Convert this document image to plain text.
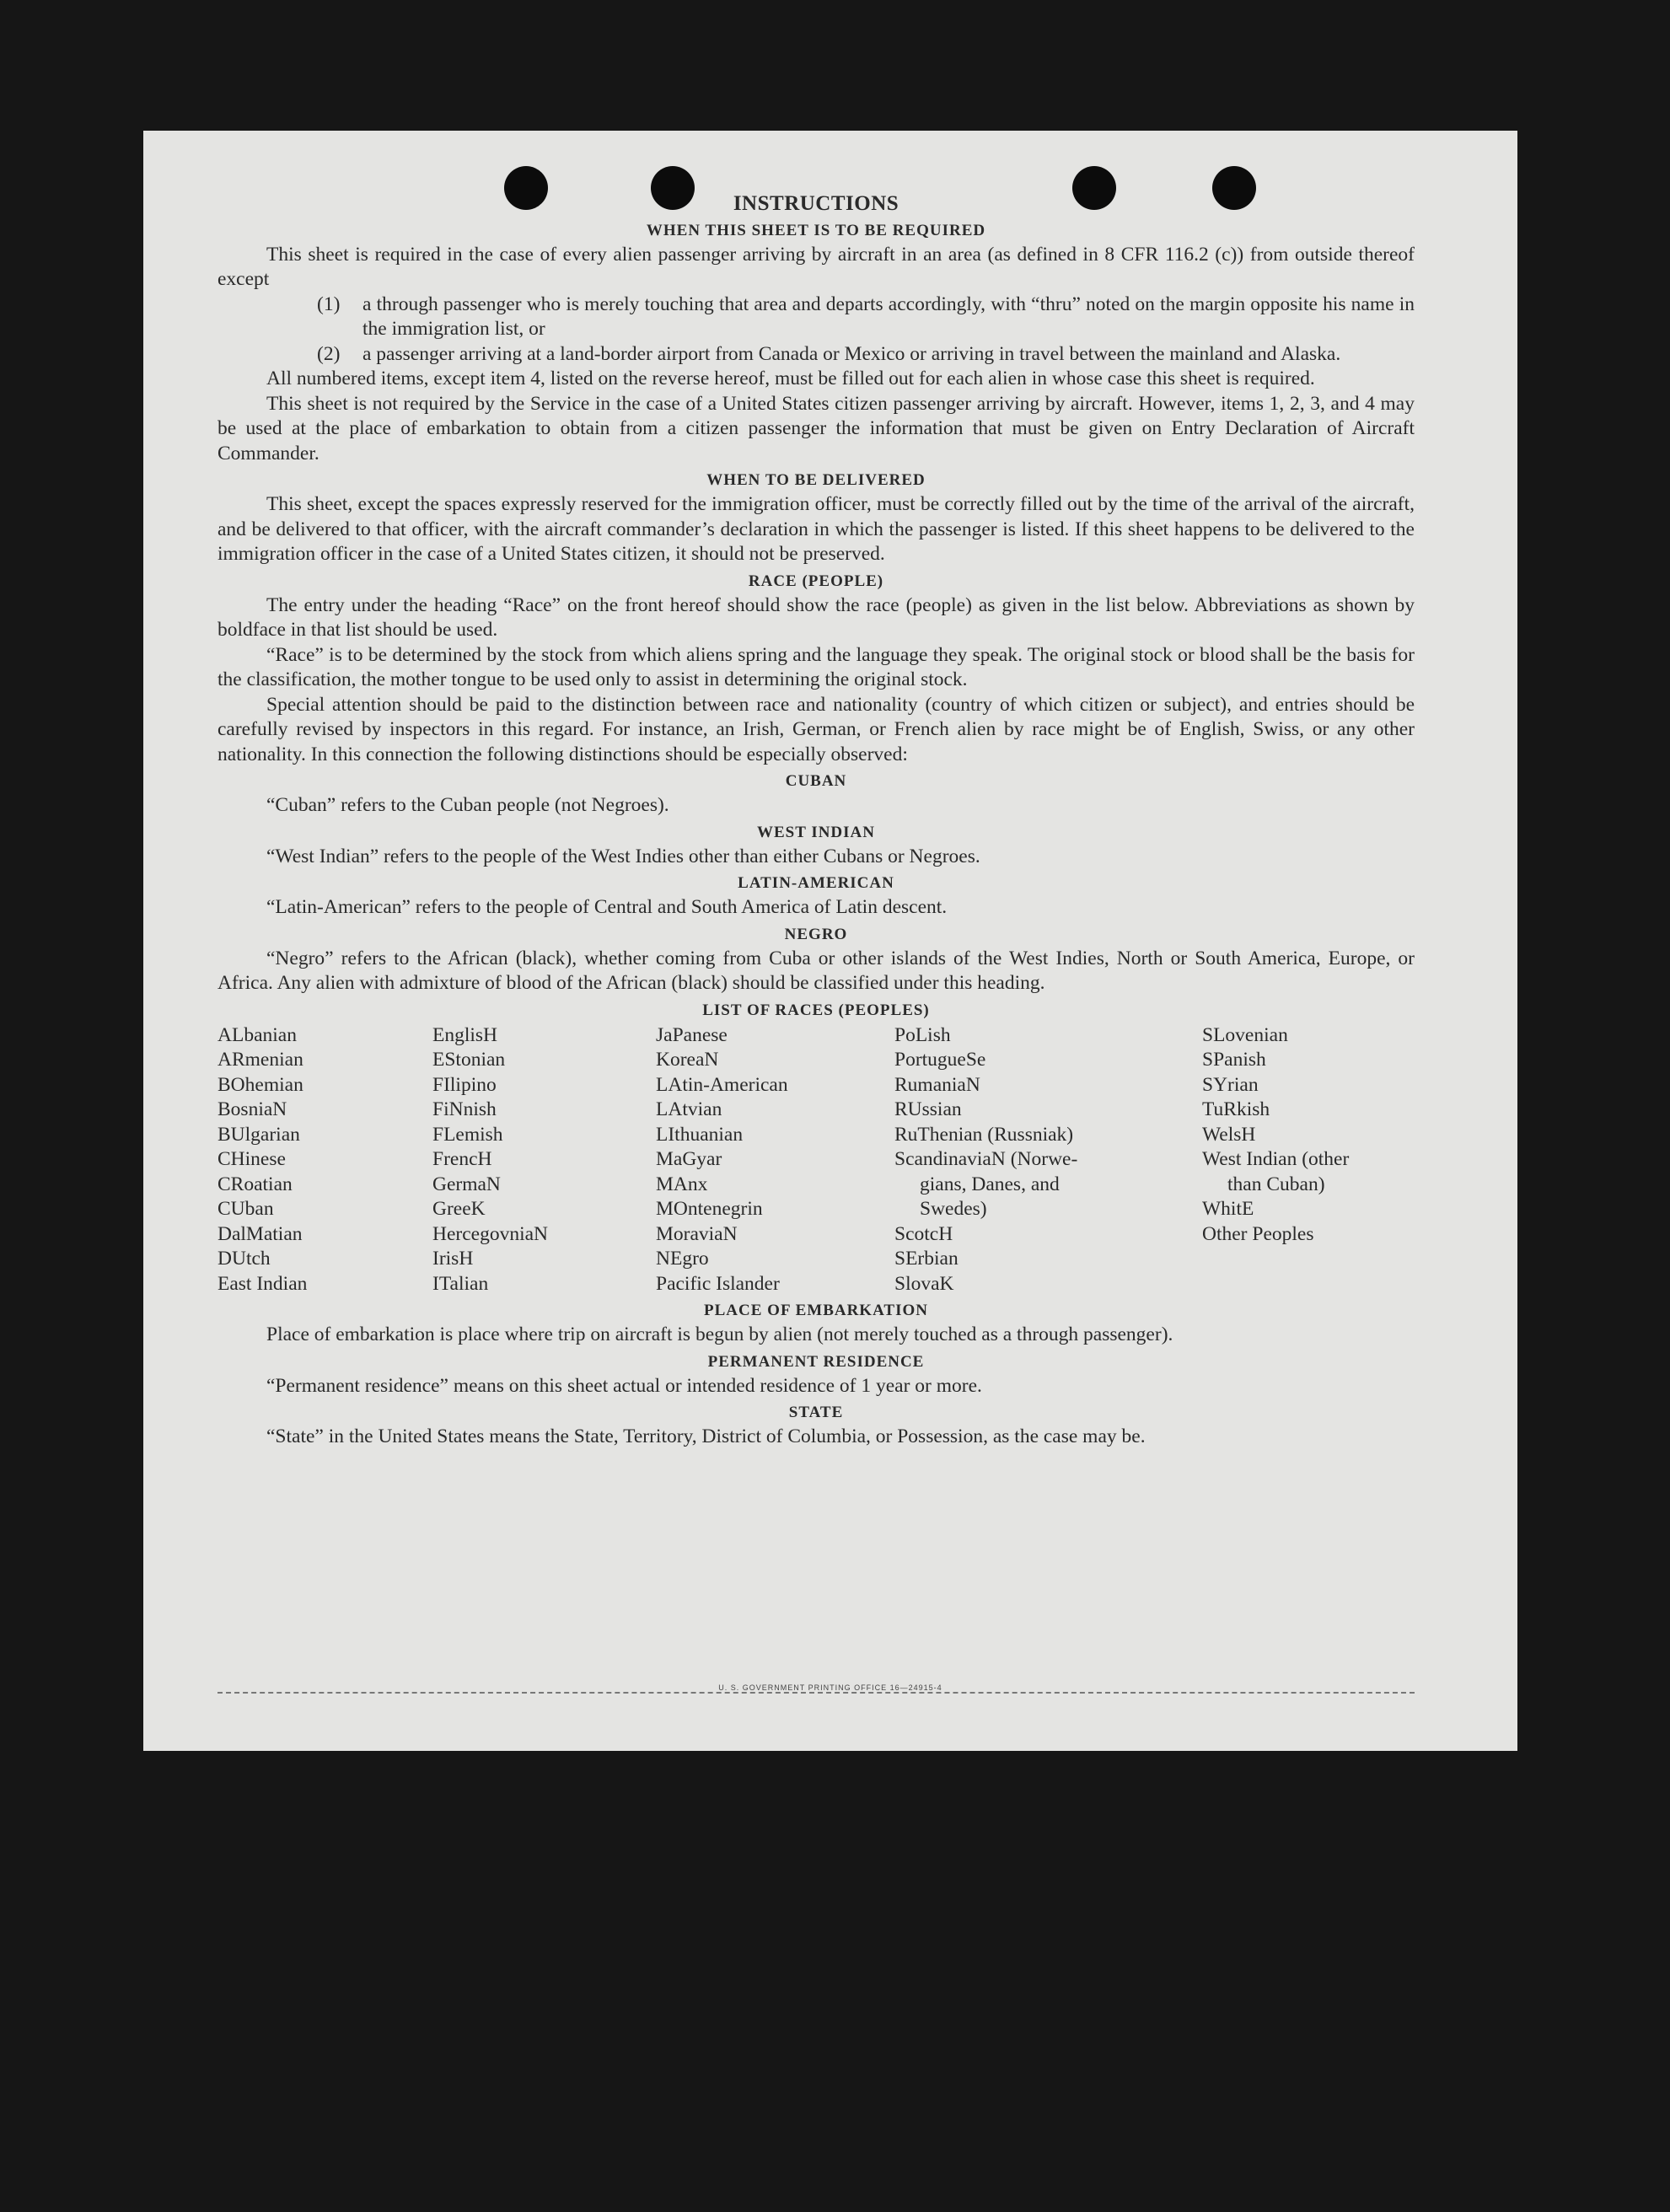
INSTRUCTIONS
WHEN THIS SHEET IS TO BE REQUIRED

This sheet is required in the case of every alien passenger arriving by aircraft in an area (as defined in 8 CFR 116.2 (c)) from outside thereof except

(1)	a through passenger who is merely touching that area and departs accordingly, with “thru” noted on the margin opposite his name in the immigration list, or
(2)	a passenger arriving at a land-border airport from Canada or Mexico or arriving in travel between the mainland and Alaska.

All numbered items, except item 4, listed on the reverse hereof, must be filled out for each alien in whose case this sheet is required.

This sheet is not required by the Service in the case of a United States citizen passenger arriving by aircraft. However, items 1, 2, 3, and 4 may be used at the place of embarkation to obtain from a citizen passenger the information that must be given on Entry Declaration of Aircraft Commander.

WHEN TO BE DELIVERED

This sheet, except the spaces expressly reserved for the immigration officer, must be correctly filled out by the time of the arrival of the aircraft, and be delivered to that officer, with the aircraft commander’s declaration in which the passenger is listed. If this sheet happens to be delivered to the immigration officer in the case of a United States citizen, it should not be preserved.

RACE (PEOPLE)

The entry under the heading “Race” on the front hereof should show the race (people) as given in the list below. Abbreviations as shown by boldface in that list should be used.

“Race” is to be determined by the stock from which aliens spring and the language they speak. The original stock or blood shall be the basis for the classification, the mother tongue to be used only to assist in determining the original stock.

Special attention should be paid to the distinction between race and nationality (country of which citizen or subject), and entries should be carefully revised by inspectors in this regard. For instance, an Irish, German, or French alien by race might be of English, Swiss, or any other nationality. In this connection the following distinctions should be especially observed:

CUBAN

“Cuban” refers to the Cuban people (not Negroes).

WEST INDIAN

“West Indian” refers to the people of the West Indies other than either Cubans or Negroes.

LATIN-AMERICAN

“Latin-American” refers to the people of Central and South America of Latin descent.

NEGRO

“Negro” refers to the African (black), whether coming from Cuba or other islands of the West Indies, North or South America, Europe, or Africa. Any alien with admixture of blood of the African (black) should be classified under this heading.

LIST OF RACES (PEOPLES)
ALbanian
ARmenian
BOhemian
BosniaN
BUlgarian
CHinese
CRoatian
CUban
DalMatian
DUtch
East Indian
EnglisH
EStonian
FIlipino
FiNnish
FLemish
FrencH
GermaN
GreeK
HercegovniaN
IrisH
ITalian
JaPanese
KoreaN
LAtin-American
LAtvian
LIthuanian
MaGyar
MAnx
MOntenegrin
MoraviaN
NEgro
Pacific Islander
PoLish
PortugueSe
RumaniaN
RUssian
RuThenian (Russniak)
ScandinaviaN (Norwe-
gians, Danes, and
Swedes)
ScotcH
SErbian
SlovaK
SLovenian
SPanish
SYrian
TuRkish
WelsH
West Indian (other
than Cuban)
WhitE
Other Peoples
PLACE OF EMBARKATION

Place of embarkation is place where trip on aircraft is begun by alien (not merely touched as a through passenger).

PERMANENT RESIDENCE

“Permanent residence” means on this sheet actual or intended residence of 1 year or more.

STATE

“State” in the United States means the State, Territory, District of Columbia, or Possession, as the case may be.

U. S. GOVERNMENT PRINTING OFFICE 16—24915-4
